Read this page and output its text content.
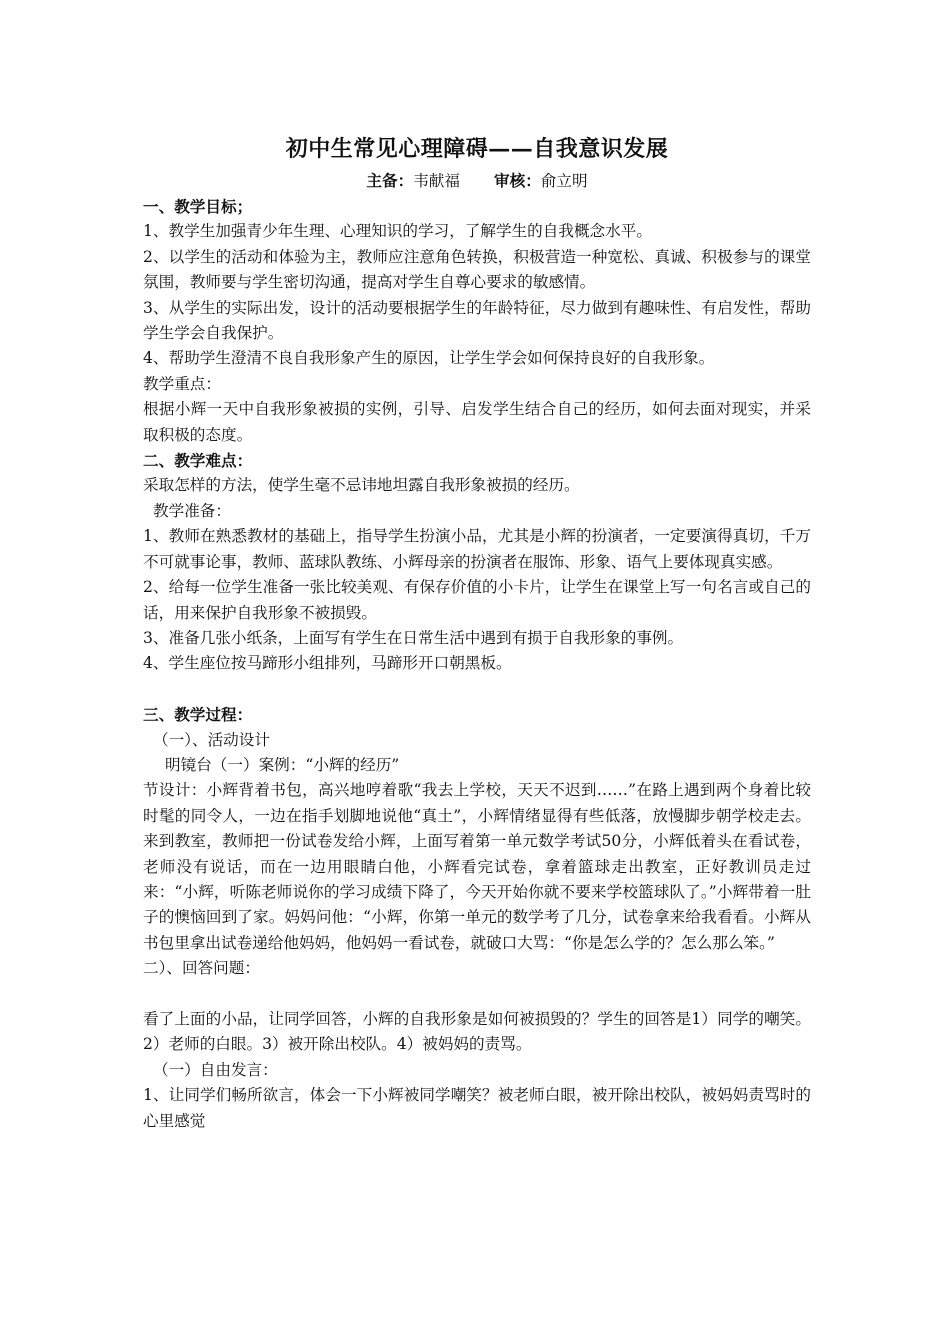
初中生常见心理障碍——自我意识发展
主备：韦献福 审核：俞立明

一、教学目标；

1、教学生加强青少年生理、心理知识的学习，了解学生的自我概念水平。

2、以学生的活动和体验为主，教师应注意角色转换，积极营造一种宽松、真诚、积极参与的课堂氛围，教师要与学生密切沟通，提高对学生自尊心要求的敏感情。

3、从学生的实际出发，设计的活动要根据学生的年龄特征，尽力做到有趣味性、有启发性，帮助学生学会自我保护。

4、帮助学生澄清不良自我形象产生的原因，让学生学会如何保持良好的自我形象。

教学重点：

根据小辉一天中自我形象被损的实例，引导、启发学生结合自己的经历，如何去面对现实，并采取积极的态度。

二、教学难点：

采取怎样的方法，使学生毫不忌讳地坦露自我形象被损的经历。

教学准备：

1、教师在熟悉教材的基础上，指导学生扮演小品，尤其是小辉的扮演者，一定要演得真切，千万不可就事论事，教师、蓝球队教练、小辉母亲的扮演者在服饰、形象、语气上要体现真实感。

2、给每一位学生准备一张比较美观、有保存价值的小卡片，让学生在课堂上写一句名言或自己的话，用来保护自我形象不被损毁。

3、准备几张小纸条，上面写有学生在日常生活中遇到有损于自我形象的事例。

4、学生座位按马蹄形小组排列，马蹄形开口朝黑板。

三、教学过程：

（一）、活动设计

明镜台（一）案例：“小辉的经历”

节设计：小辉背着书包，高兴地哼着歌“我去上学校，天天不迟到……”在路上遇到两个身着比较时髦的同令人，一边在指手划脚地说他“真土”，小辉情绪显得有些低落，放慢脚步朝学校走去。来到教室，教师把一份试卷发给小辉，上面写着第一单元数学考试50分，小辉低着头在看试卷，老师没有说话，而在一边用眼睛白他，小辉看完试卷，拿着篮球走出教室，正好教训员走过来：“小辉，听陈老师说你的学习成绩下降了，今天开始你就不要来学校篮球队了。”小辉带着一肚子的懊恼回到了家。妈妈问他：“小辉，你第一单元的数学考了几分，试卷拿来给我看看。小辉从书包里拿出试卷递给他妈妈，他妈妈一看试卷，就破口大骂：“你是怎么学的？怎么那么笨。”

二）、回答问题：

看了上面的小品，让同学回答，小辉的自我形象是如何被损毁的？学生的回答是1）同学的嘲笑。2）老师的白眼。3）被开除出校队。4）被妈妈的责骂。

（一）自由发言：

1、让同学们畅所欲言，体会一下小辉被同学嘲笑？被老师白眼，被开除出校队，被妈妈责骂时的心里感觉
